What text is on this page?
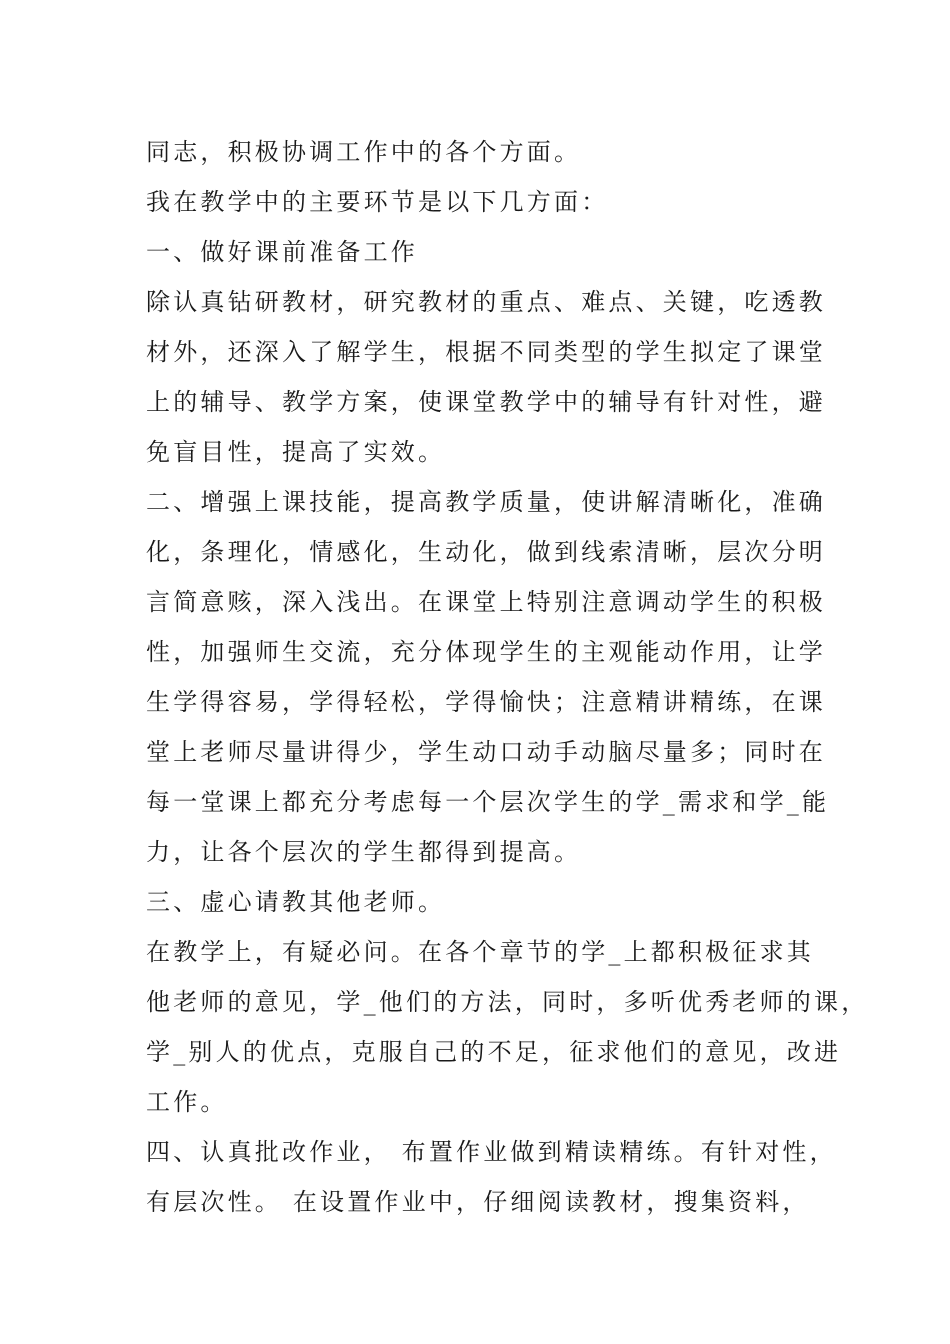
同志，积极协调工作中的各个方面。

我在教学中的主要环节是以下几方面：

一、做好课前准备工作

除认真钻研教材，研究教材的重点、难点、关键，吃透教

材外，还深入了解学生，根据不同类型的学生拟定了课堂

上的辅导、教学方案，使课堂教学中的辅导有针对性，避

免盲目性，提高了实效。

二、增强上课技能，提高教学质量，使讲解清晰化，准确

化，条理化，情感化，生动化，做到线索清晰，层次分明

言简意赅，深入浅出。在课堂上特别注意调动学生的积极

性，加强师生交流，充分体现学生的主观能动作用，让学

生学得容易，学得轻松，学得愉快；注意精讲精练，在课

堂上老师尽量讲得少，学生动口动手动脑尽量多；同时在

每一堂课上都充分考虑每一个层次学生的学_需求和学_能

力，让各个层次的学生都得到提高。

三、虚心请教其他老师。

在教学上，有疑必问。在各个章节的学_上都积极征求其

他老师的意见，学_他们的方法，同时，多听优秀老师的课，

学_别人的优点，克服自己的不足，征求他们的意见，改进

工作。

四、认真批改作业， 布置作业做到精读精练。有针对性，

有层次性。 在设置作业中，仔细阅读教材，搜集资料，
